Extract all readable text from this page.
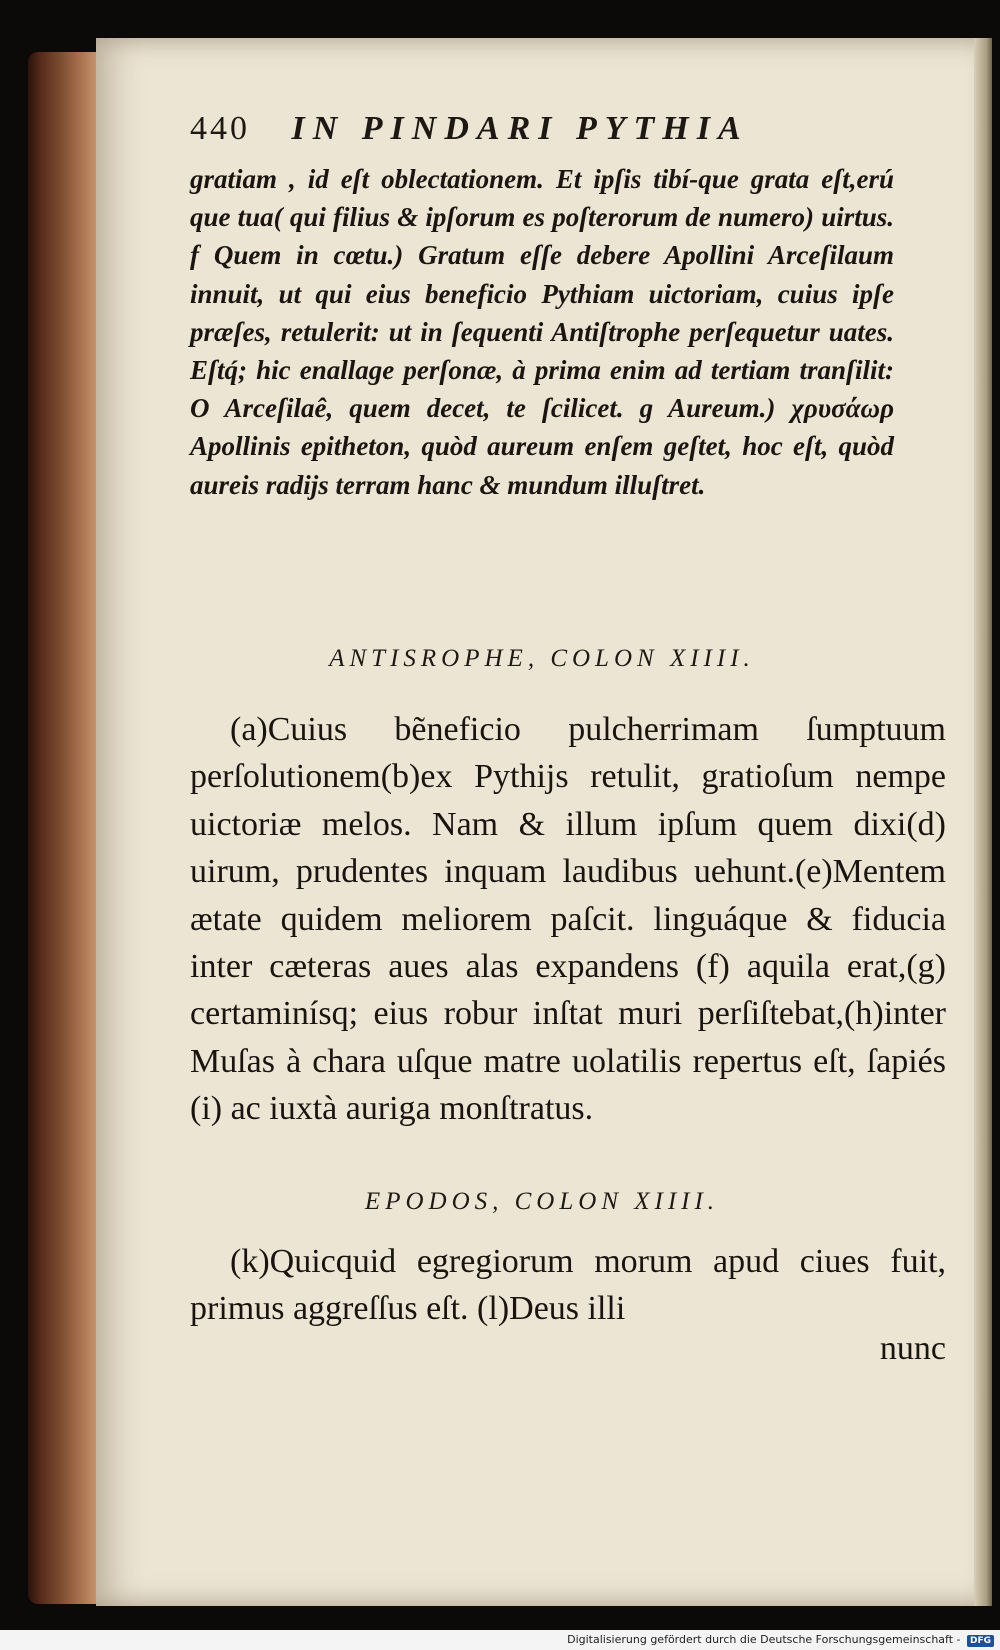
440 IN PINDARI PYTHIA

gratiam , id eſt oblectationem. Et ipſis tibí-que grata eſt,erú que tua( qui filius & ipſorum es poſterorum de numero) uirtus. f Quem in cœtu.) Gratum eſſe debere Apollini Arceſilaum innuit, ut qui eius beneficio Pythiam uictoriam, cuius ipſe præſes, retulerit: ut in ſequenti Antiſtrophe perſequetur uates. Eſtq́; hic enallage perſonæ, à prima enim ad tertiam tranſilit: O Arceſilaê, quem decet, te ſcilicet. g Aureum.) χρυσάωρ Apollinis epitheton, quòd aureum enſem geſtet, hoc eſt, quòd aureis radijs terram hanc & mundum illuſtret.

ANTISROPHE, COLON XIIII.

(a)Cuius bẽneficio pulcherrimam ſumptuum perſolutionem(b)ex Pythijs retulit, gratioſum nempe uictoriæ melos. Nam & illum ipſum quem dixi(d) uirum, prudentes inquam laudibus uehunt.(e)Mentem ætate quidem meliorem paſcit. linguáque & fiducia inter cæteras aues alas expandens (f) aquila erat,(g) certaminísq; eius robur inſtat muri perſiſtebat,(h)inter Muſas à chara uſque matre uolatilis repertus eſt, ſapiés (i) ac iuxtà auriga monſtratus.

EPODOS, COLON XIIII.

(k)Quicquid egregiorum morum apud ciues fuit, primus aggreſſus eſt. (l)Deus illi

nunc
Digitalisierung gefördert durch die Deutsche Forschungsgemeinschaft - DFG
